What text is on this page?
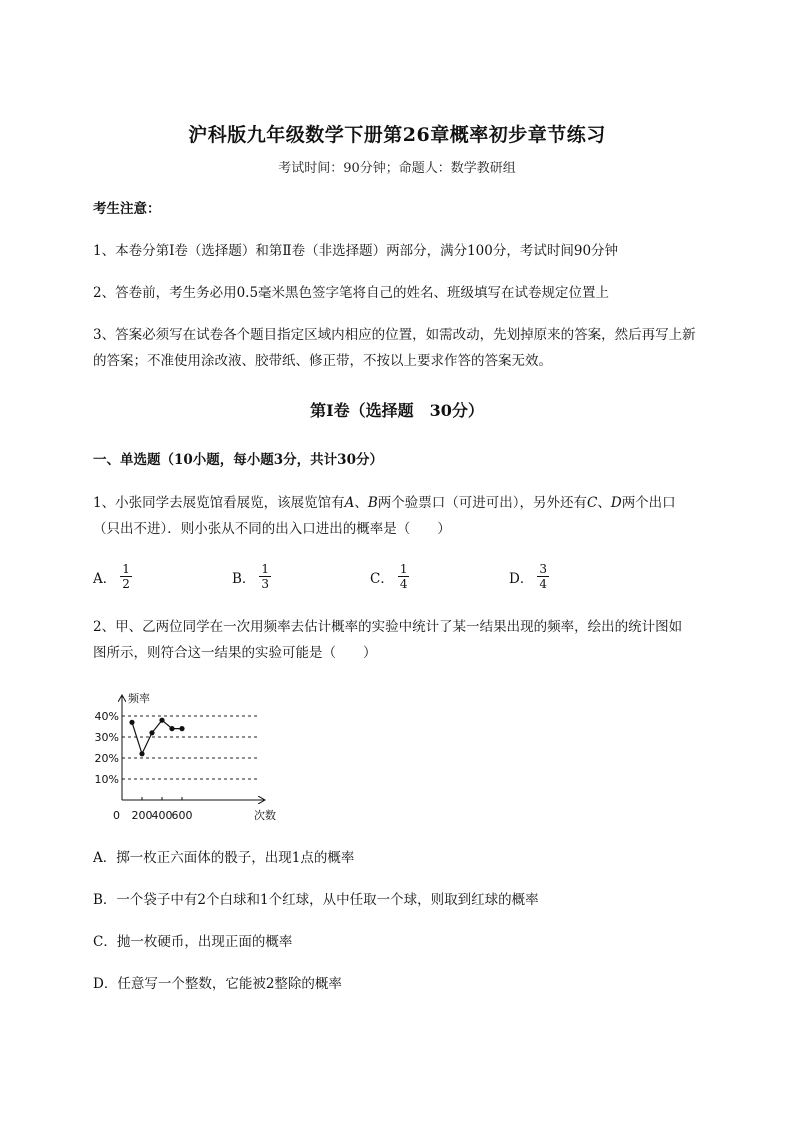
沪科版九年级数学下册第26章概率初步章节练习
考试时间：90分钟；命题人：数学教研组
考生注意：
1、本卷分第I卷（选择题）和第Ⅱ卷（非选择题）两部分，满分100分，考试时间90分钟
2、答卷前，考生务必用0.5毫米黑色签字笔将自己的姓名、班级填写在试卷规定位置上
3、答案必须写在试卷各个题目指定区域内相应的位置，如需改动，先划掉原来的答案，然后再写上新
的答案；不准使用涂改液、胶带纸、修正带，不按以上要求作答的答案无效。
第I卷（选择题　30分）
一、单选题（10小题，每小题3分，共计30分）
1、小张同学去展览馆看展览，该展览馆有A、B两个验票口（可进可出），另外还有C、D两个出口
（只出不进）．则小张从不同的出入口进出的概率是（　　）
A． $\frac{1}{2}$	B． $\frac{1}{3}$	C． $\frac{1}{4}$	D． $\frac{3}{4}$
2、甲、乙两位同学在一次用频率去估计概率的实验中统计了某一结果出现的频率，绘出的统计图如
图所示，则符合这一结果的实验可能是（　　）
频率
次数
10%
20%
30%
40%
0 200 400 600
A．掷一枚正六面体的骰子，出现1点的概率
B．一个袋子中有2个白球和1个红球，从中任取一个球，则取到红球的概率
C．抛一枚硬币，出现正面的概率
D．任意写一个整数，它能被2整除的概率
